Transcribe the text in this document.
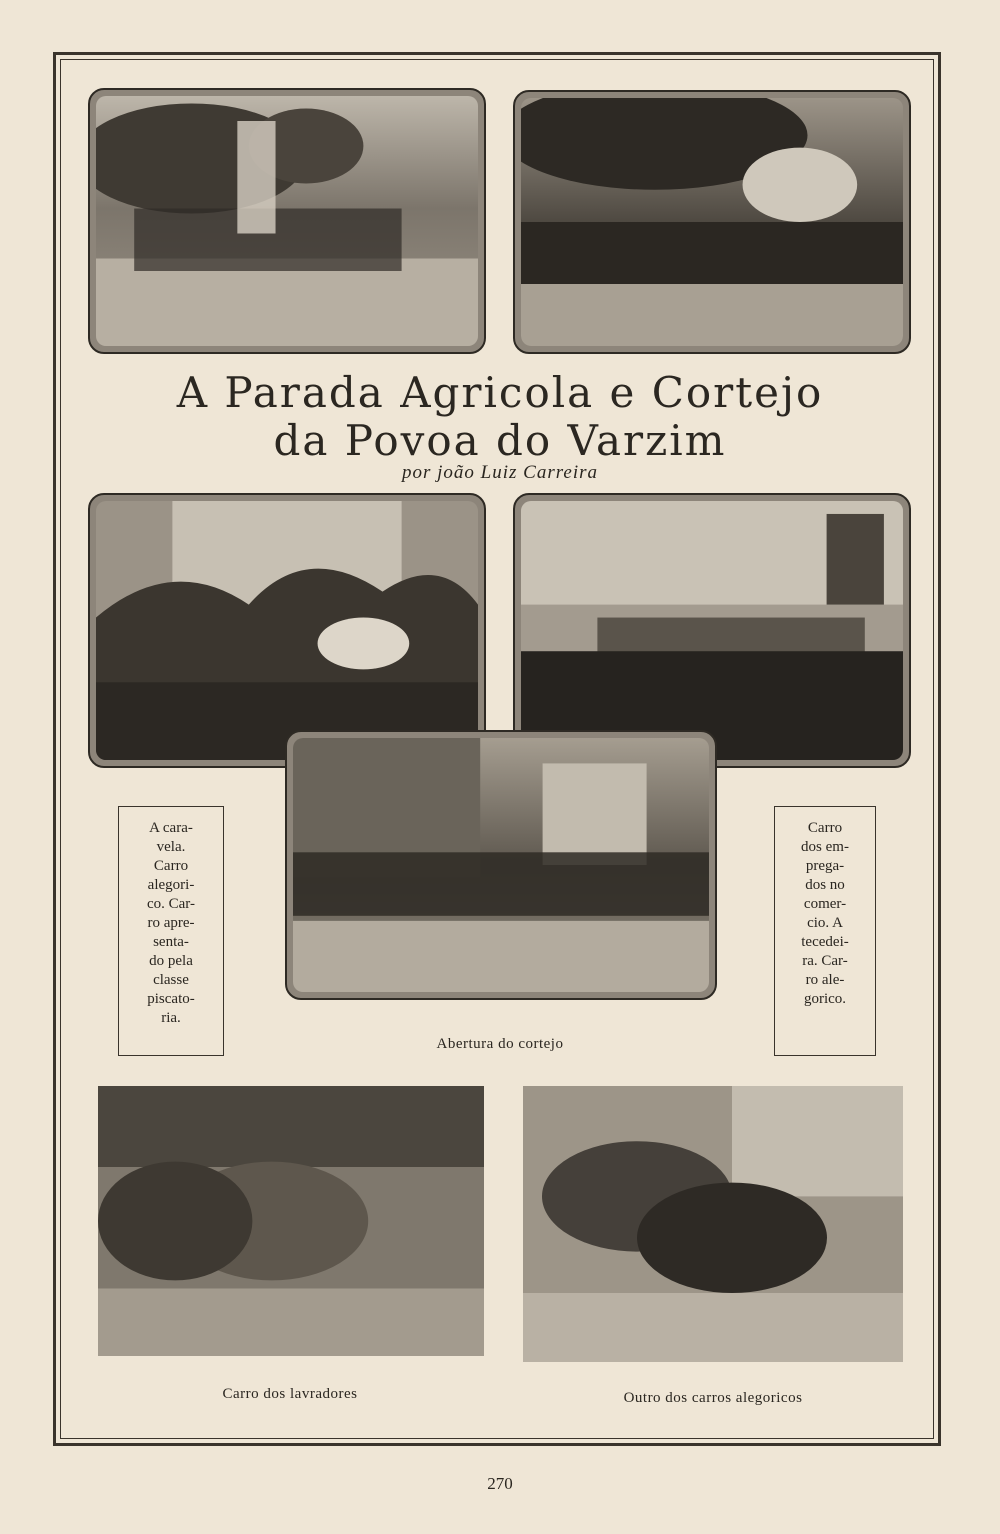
A Parada Agricola e Cortejo
da Povoa do Varzim
por joão Luiz Carreira
A cara-
vela.
Carro
alegori-
co. Car-
ro apre-
senta-
do pela
classe
piscato-
ria.
Carro
dos em-
prega-
dos no
comer-
cio. A
tecedei-
ra. Car-
ro ale-
gorico.
Abertura do cortejo
Carro dos lavradores	Outro dos carros alegoricos
270
